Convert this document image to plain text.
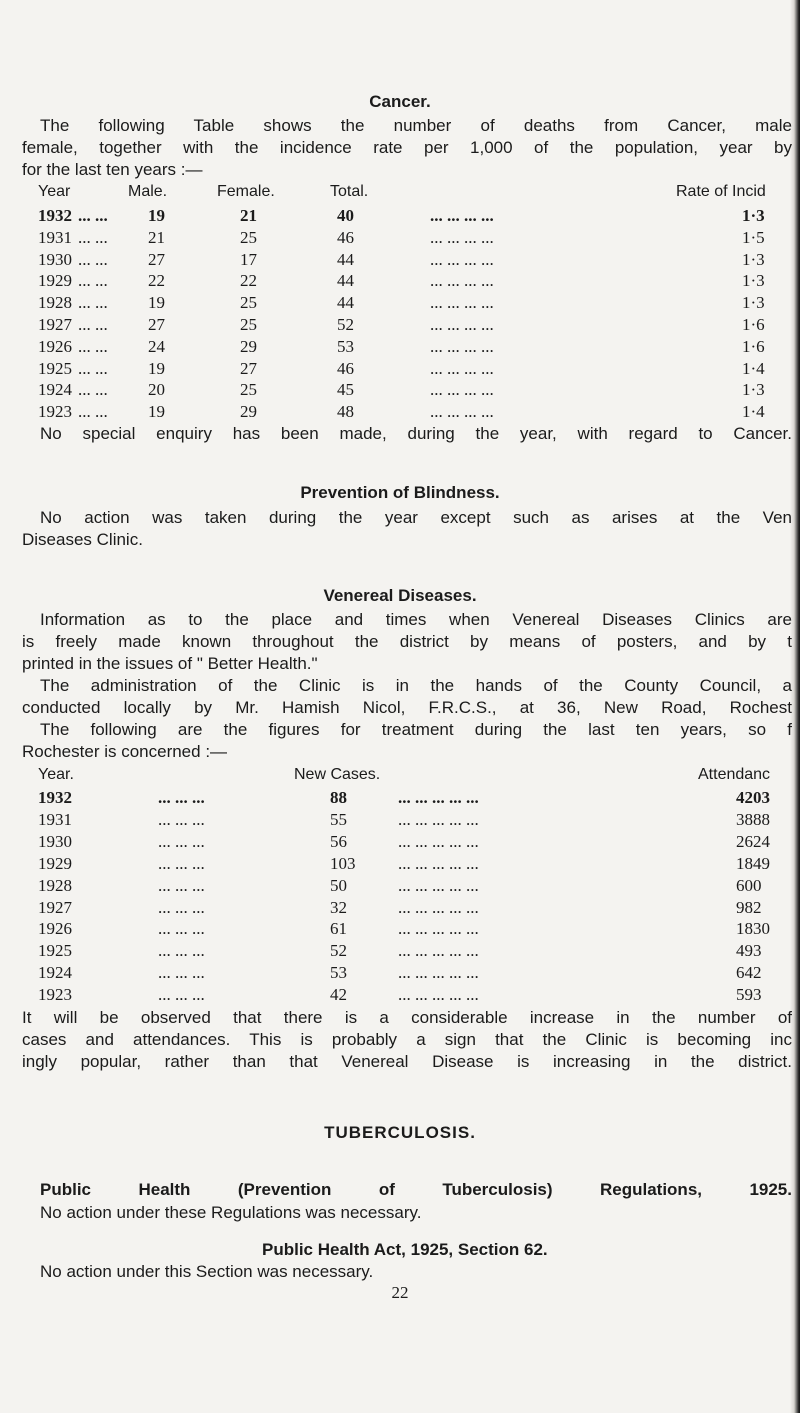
Cancer.
The following Table shows the number of deaths from Cancer, male
female, together with the incidence rate per 1,000 of the population, year by
for the last ten years :—
Year	Male.	Female.	Total.	Rate of Incid
1932 ... ... 19	21	40	... ... ... ...	1·3
1931 ... ... 21	25	46	... ... ... ...	1·5
1930 ... ... 27	17	44	... ... ... ...	1·3
1929 ... ... 22	22	44	... ... ... ...	1·3
1928 ... ... 19	25	44	... ... ... ...	1·3
1927 ... ... 27	25	52	... ... ... ...	1·6
1926 ... ... 24	29	53	... ... ... ...	1·6
1925 ... ... 19	27	46	... ... ... ...	1·4
1924 ... ... 20	25	45	... ... ... ...	1·3
1923 ... ... 19	29	48	... ... ... ...	1·4
No special enquiry has been made, during the year, with regard to Cancer.
Prevention of Blindness.
No action was taken during the year except such as arises at the Ven
Diseases Clinic.
Venereal Diseases.
Information as to the place and times when Venereal Diseases Clinics are
is freely made known throughout the district by means of posters, and by t
printed in the issues of " Better Health."
The administration of the Clinic is in the hands of the County Council, a
conducted locally by Mr. Hamish Nicol, F.R.C.S., at 36, New Road, Rochest
The following are the figures for treatment during the last ten years, so f
Rochester is concerned :—
Year.	New Cases.	Attendanc
1932	... ... ...	88	... ... ... ... ...	4203
1931	... ... ...	55	... ... ... ... ...	3888
1930	... ... ...	56	... ... ... ... ...	2624
1929	... ... ...	103	... ... ... ... ...	1849
1928	... ... ...	50	... ... ... ... ...	600
1927	... ... ...	32	... ... ... ... ...	982
1926	... ... ...	61	... ... ... ... ...	1830
1925	... ... ...	52	... ... ... ... ...	493
1924	... ... ...	53	... ... ... ... ...	642
1923	... ... ...	42	... ... ... ... ...	593
It will be observed that there is a considerable increase in the number of
cases and attendances. This is probably a sign that the Clinic is becoming inc
ingly popular, rather than that Venereal Disease is increasing in the district.
TUBERCULOSIS.
Public Health (Prevention of Tuberculosis) Regulations, 1925.
No action under these Regulations was necessary.
Public Health Act, 1925, Section 62.
No action under this Section was necessary.
22
